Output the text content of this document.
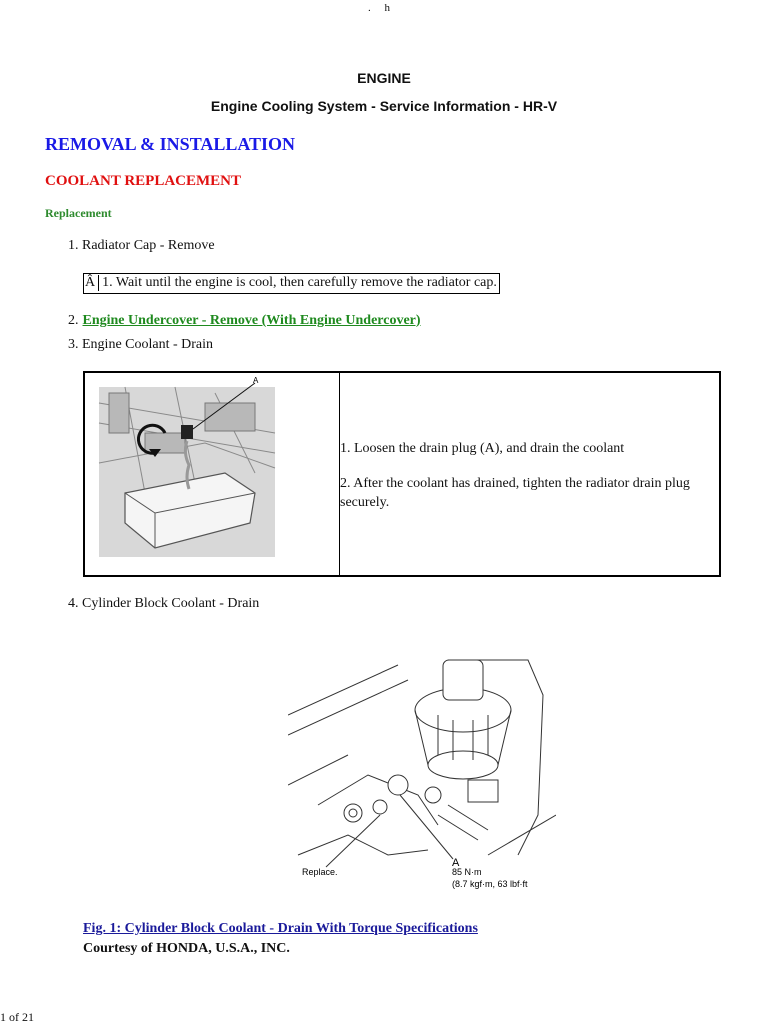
.     h
ENGINE
Engine Cooling System - Service Information - HR-V
REMOVAL & INSTALLATION
COOLANT REPLACEMENT
Replacement
1. Radiator Cap - Remove
Â 1. Wait until the engine is cool, then carefully remove the radiator cap.
2. Engine Undercover - Remove (With Engine Undercover)
3. Engine Coolant - Drain
A

1. Loosen the drain plug (A), and drain the coolant

2. After the coolant has drained, tighten the radiator drain plug securely.

4. Cylinder Block Coolant - Drain
Replace.
A
85 N·m
(8.7 kgf·m, 63 lbf·ft
Fig. 1: Cylinder Block Coolant - Drain With Torque Specifications
Courtesy of HONDA, U.S.A., INC.
1 of 21
